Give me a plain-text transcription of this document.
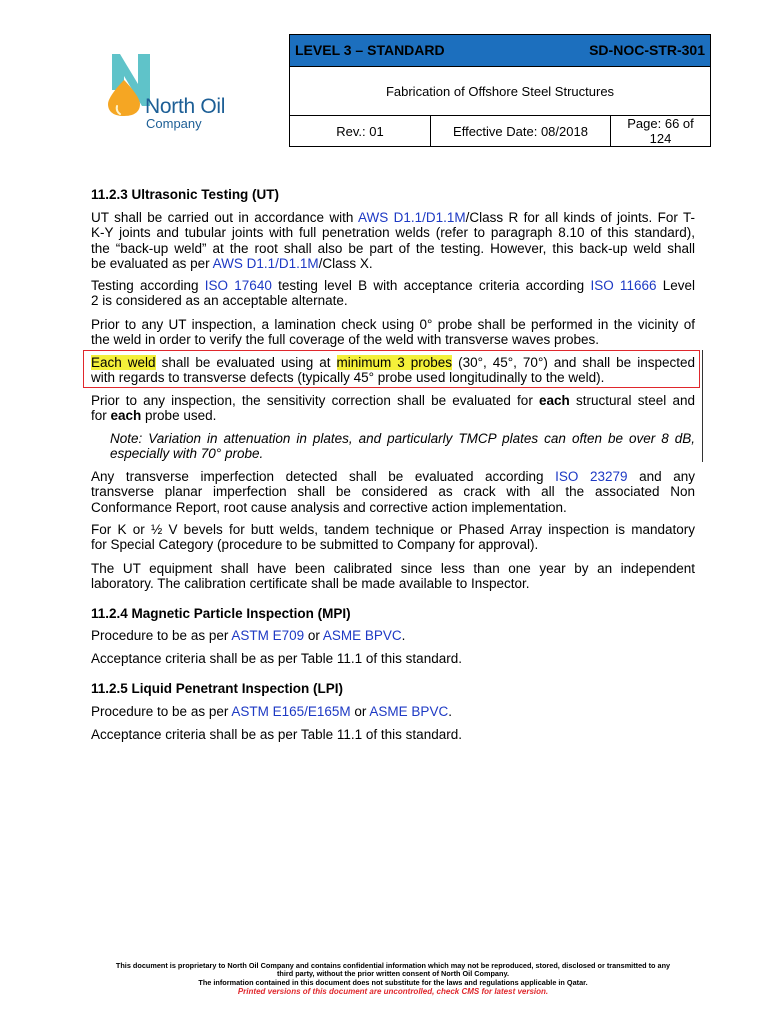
North Oil
Company
LEVEL 3 – STANDARD	SD-NOC-STR-301

Fabrication of Offshore Steel Structures
Rev.: 01	Effective Date: 08/2018	Page: 66 of 124
11.2.3 Ultrasonic Testing (UT)
UT shall be carried out in accordance with AWS D1.1/D1.1M/Class R for all kinds of joints. For T-
K-Y joints and tubular joints with full penetration welds (refer to paragraph 8.10 of this standard),
the “back-up weld” at the root shall also be part of the testing. However, this back-up weld shall
be evaluated as per AWS D1.1/D1.1M/Class X.
Testing according ISO 17640 testing level B with acceptance criteria according ISO 11666 Level
2 is considered as an acceptable alternate.
Prior to any UT inspection, a lamination check using 0° probe shall be performed in the vicinity of
the weld in order to verify the full coverage of the weld with transverse waves probes.
Each weld shall be evaluated using at minimum 3 probes (30°, 45°, 70°) and shall be inspected
with regards to transverse defects (typically 45° probe used longitudinally to the weld).
Prior to any inspection, the sensitivity correction shall be evaluated for each structural steel and
for each probe used.
Note: Variation in attenuation in plates, and particularly TMCP plates can often be over 8 dB,
especially with 70° probe.
Any transverse imperfection detected shall be evaluated according ISO 23279 and any
transverse planar imperfection shall be considered as crack with all the associated Non
Conformance Report, root cause analysis and corrective action implementation.
For K or ½ V bevels for butt welds, tandem technique or Phased Array inspection is mandatory
for Special Category (procedure to be submitted to Company for approval).
The UT equipment shall have been calibrated since less than one year by an independent
laboratory. The calibration certificate shall be made available to Inspector.
11.2.4 Magnetic Particle Inspection (MPI)
Procedure to be as per ASTM E709 or ASME BPVC.
Acceptance criteria shall be as per Table 11.1 of this standard.
11.2.5 Liquid Penetrant Inspection (LPI)
Procedure to be as per ASTM E165/E165M or ASME BPVC.
Acceptance criteria shall be as per Table 11.1 of this standard.
This document is proprietary to North Oil Company and contains confidential information which may not be reproduced, stored, disclosed or transmitted to any
third party, without the prior written consent of North Oil Company.
The information contained in this document does not substitute for the laws and regulations applicable in Qatar.
Printed versions of this document are uncontrolled, check CMS for latest version.
